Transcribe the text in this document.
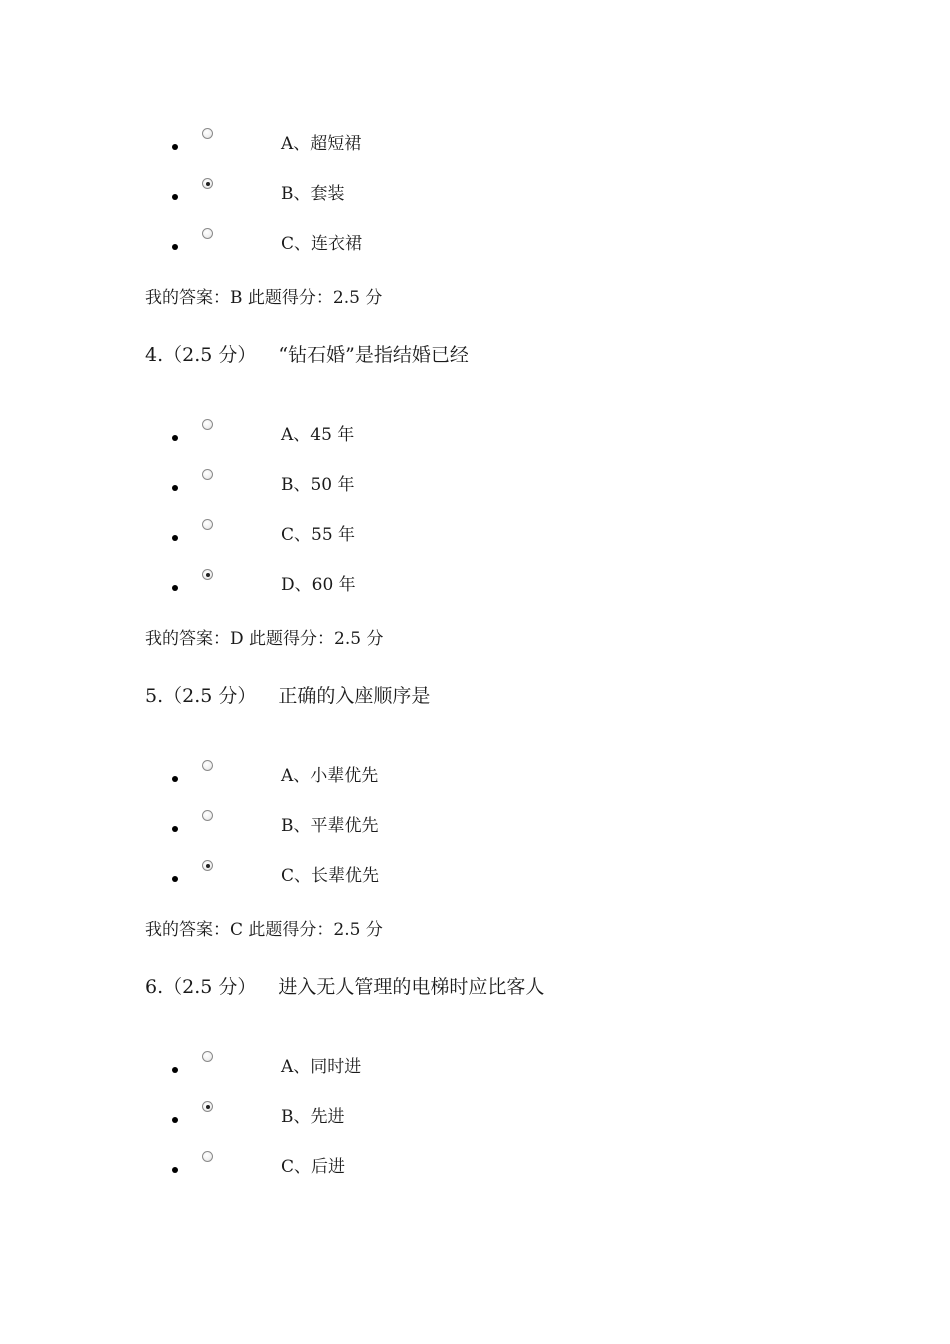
A、超短裙
B、套装
C、连衣裙
我的答案：B 此题得分：2.5 分
4.（2.5 分） “钻石婚”是指结婚已经
A、45 年
B、50 年
C、55 年
D、60 年
我的答案：D 此题得分：2.5 分
5.（2.5 分） 正确的入座顺序是
A、小辈优先
B、平辈优先
C、长辈优先
我的答案：C 此题得分：2.5 分
6.（2.5 分） 进入无人管理的电梯时应比客人
A、同时进
B、先进
C、后进
